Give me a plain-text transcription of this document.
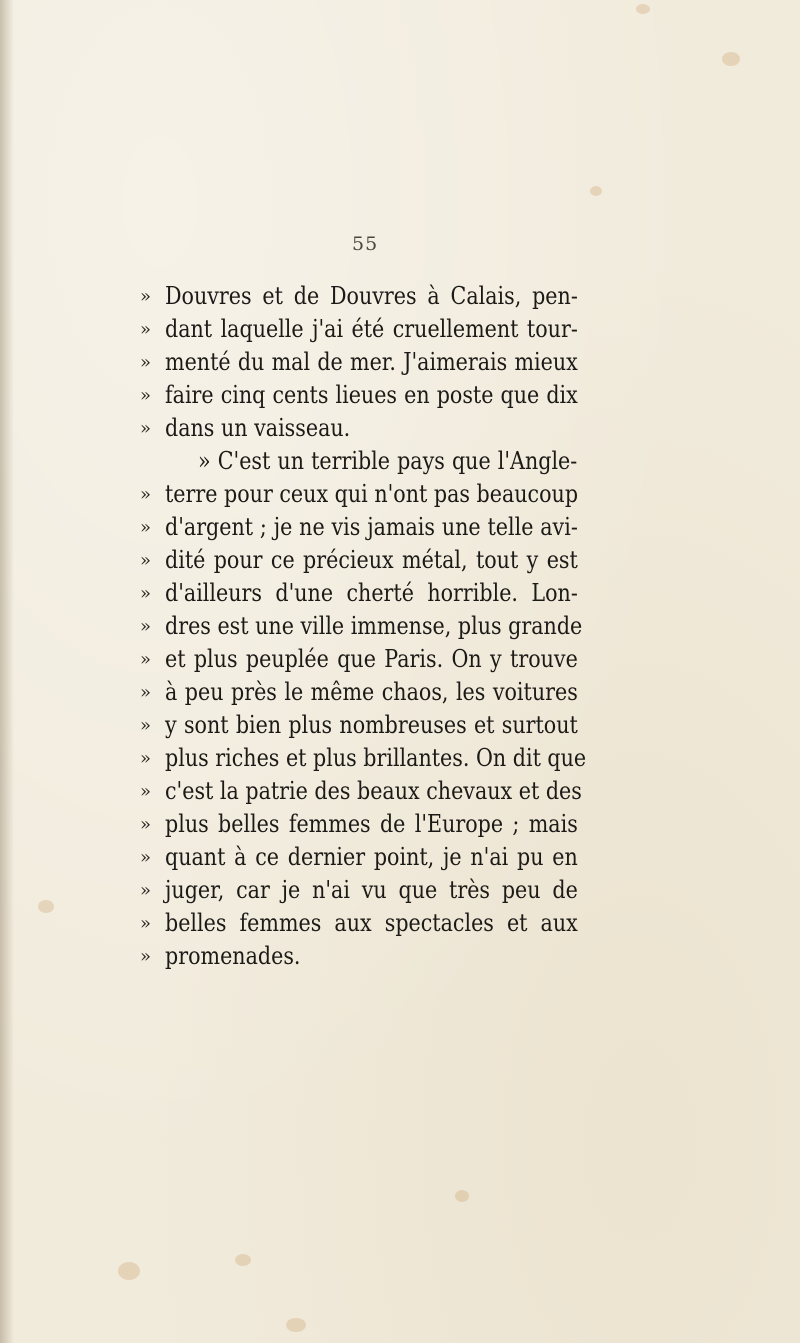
55
» Douvres et de Douvres à Calais, pen-
» dant laquelle j'ai été cruellement tour-
» menté du mal de mer. J'aimerais mieux
» faire cinq cents lieues en poste que dix
» dans un vaisseau.
» C'est un terrible pays que l'Angle-
» terre pour ceux qui n'ont pas beaucoup
» d'argent ; je ne vis jamais une telle avi-
» dité pour ce précieux métal, tout y est
» d'ailleurs d'une cherté horrible. Lon-
» dres est une ville immense, plus grande
» et plus peuplée que Paris. On y trouve
» à peu près le même chaos, les voitures
» y sont bien plus nombreuses et surtout
» plus riches et plus brillantes. On dit que
» c'est la patrie des beaux chevaux et des
» plus belles femmes de l'Europe ; mais
» quant à ce dernier point, je n'ai pu en
» juger, car je n'ai vu que très peu de
» belles femmes aux spectacles et aux
» promenades.
